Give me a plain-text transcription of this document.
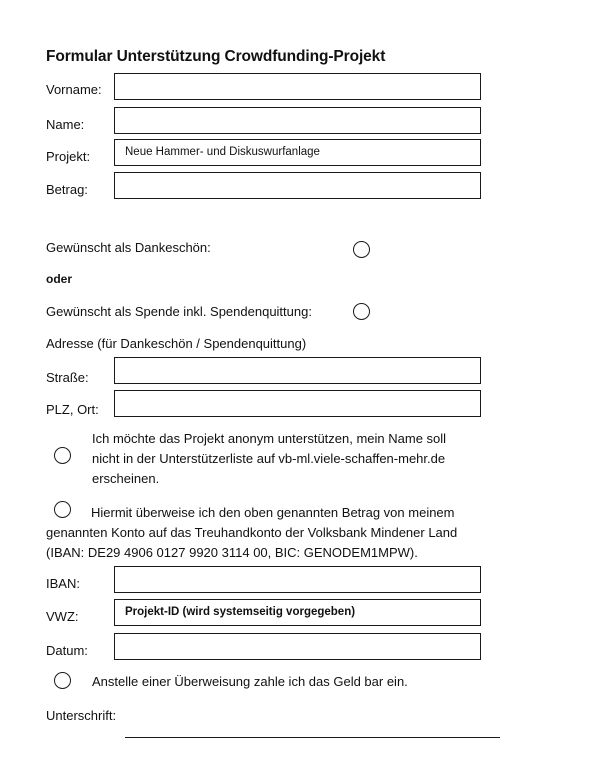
Formular Unterstützung Crowdfunding-Projekt
Vorname:
Name:
Projekt:	Neue Hammer- und Diskuswurfanlage
Betrag:
Gewünscht als Dankeschön:
oder
Gewünscht als Spende inkl. Spendenquittung:
Adresse (für Dankeschön / Spendenquittung)
Straße:
PLZ, Ort:
Ich möchte das Projekt anonym unterstützen, mein Name soll
nicht in der Unterstützerliste auf vb-ml.viele-schaffen-mehr.de
erscheinen.
Hiermit überweise ich den oben genannten Betrag von meinem
genannten Konto auf das Treuhandkonto der Volksbank Mindener Land
(IBAN: DE29 4906 0127 9920 3114 00, BIC: GENODEM1MPW).
IBAN:
VWZ:	Projekt-ID (wird systemseitig vorgegeben)
Datum:
Anstelle einer Überweisung zahle ich das Geld bar ein.
Unterschrift:
